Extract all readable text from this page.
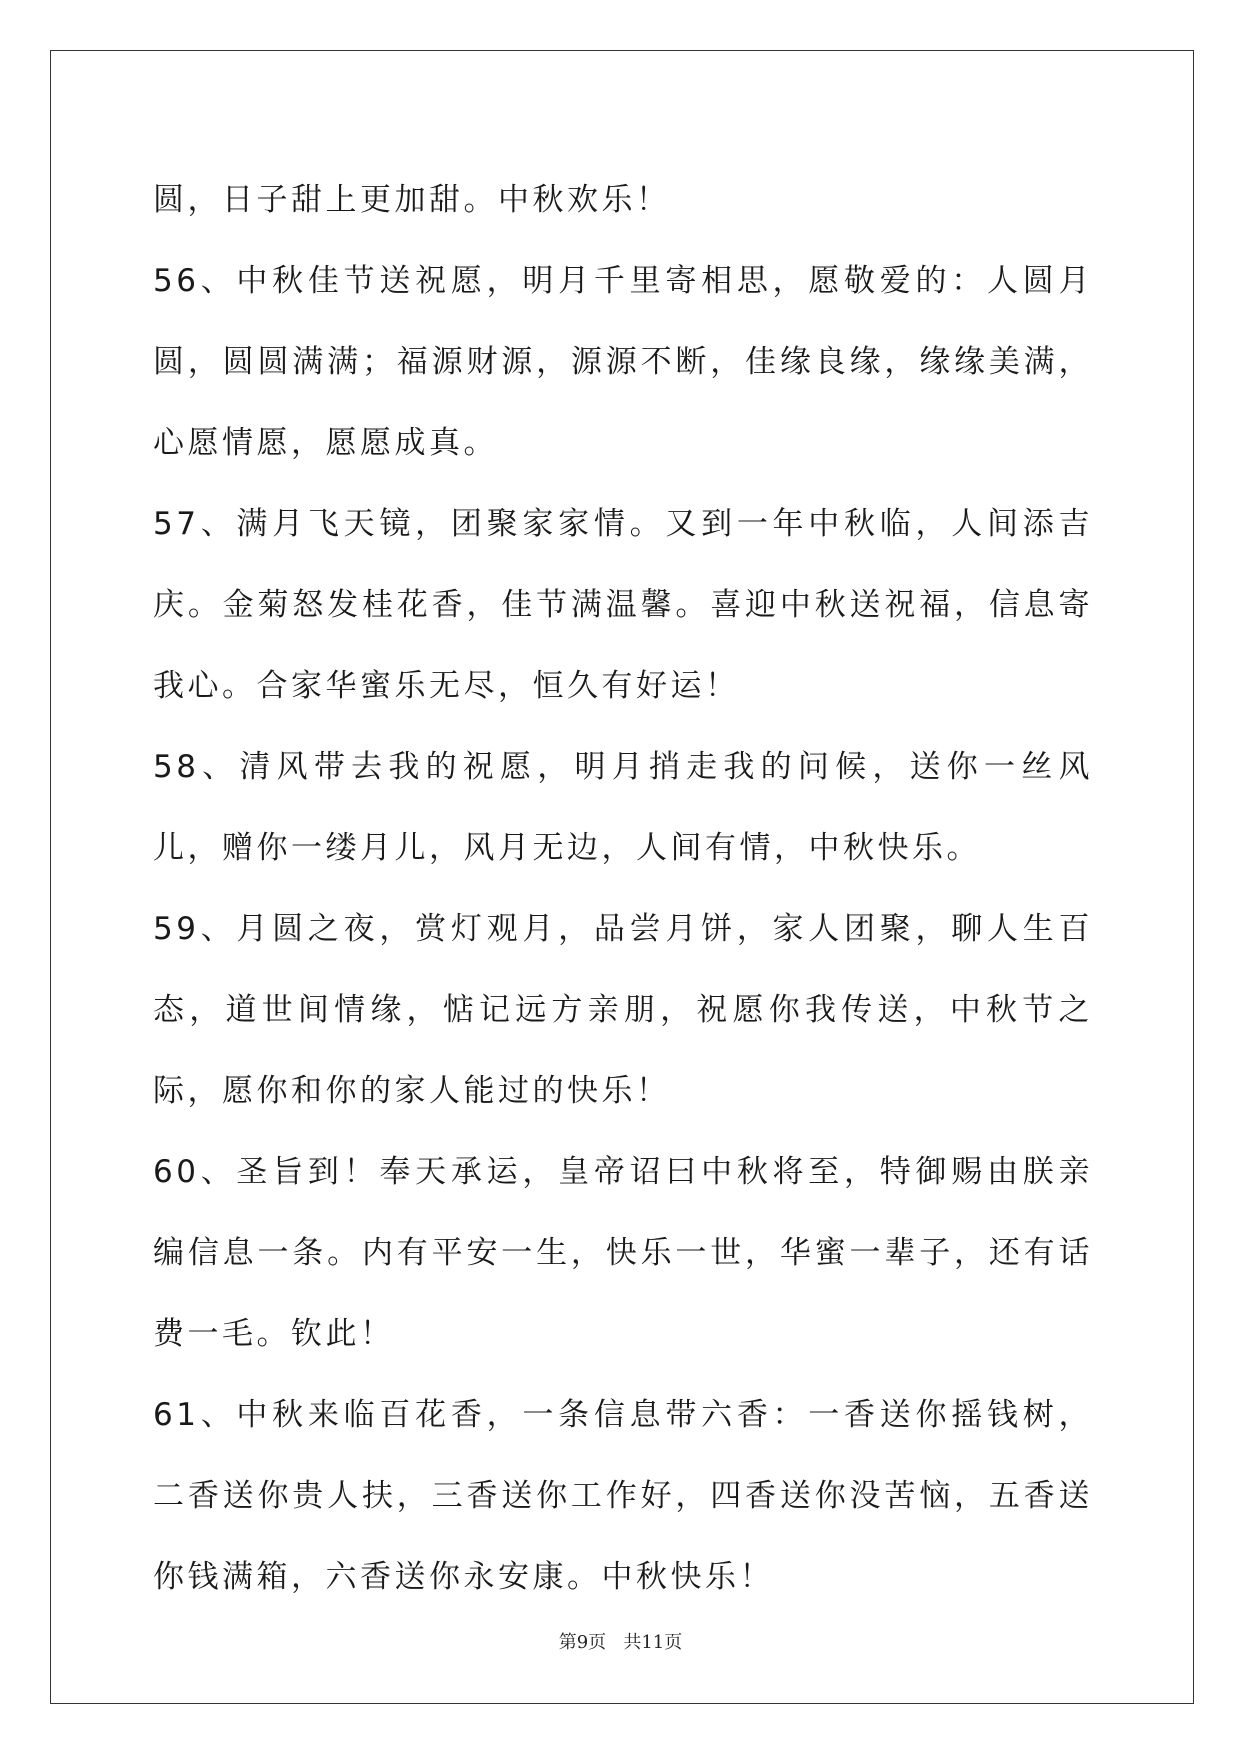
圆，日子甜上更加甜。中秋欢乐！

56、中秋佳节送祝愿，明月千里寄相思，愿敬爱的：人圆月圆，圆圆满满；福源财源，源源不断，佳缘良缘，缘缘美满，心愿情愿，愿愿成真。

57、满月飞天镜，团聚家家情。又到一年中秋临，人间添吉庆。金菊怒发桂花香，佳节满温馨。喜迎中秋送祝福，信息寄我心。合家华蜜乐无尽，恒久有好运！

58、清风带去我的祝愿，明月捎走我的问候，送你一丝风儿，赠你一缕月儿，风月无边，人间有情，中秋快乐。

59、月圆之夜，赏灯观月，品尝月饼，家人团聚，聊人生百态，道世间情缘，惦记远方亲朋，祝愿你我传送，中秋节之际，愿你和你的家人能过的快乐！

60、圣旨到！奉天承运，皇帝诏曰中秋将至，特御赐由朕亲编信息一条。内有平安一生，快乐一世，华蜜一辈子，还有话费一毛。钦此！

61、中秋来临百花香，一条信息带六香：一香送你摇钱树，二香送你贵人扶，三香送你工作好，四香送你没苦恼，五香送你钱满箱，六香送你永安康。中秋快乐！

第9页   共11页
